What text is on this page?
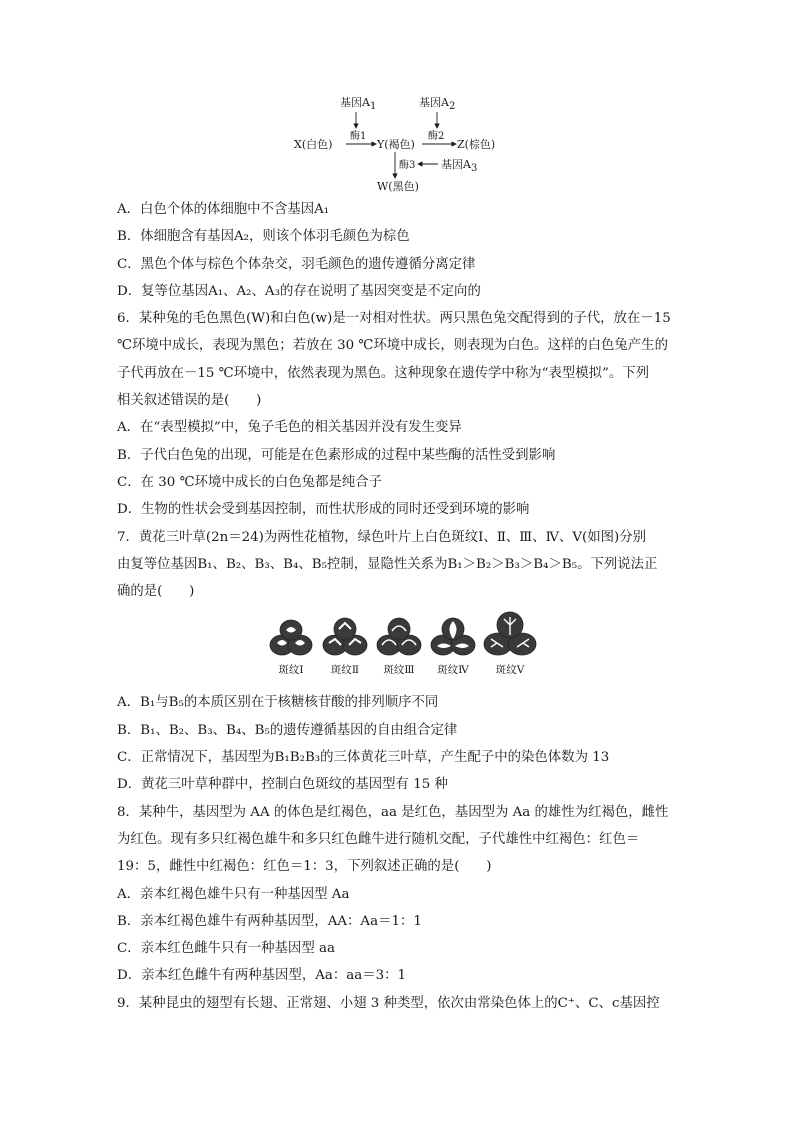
基因A1	基因A2
X(白色)
酶1
Y(褐色)
酶2
Z(棕色)
酶3 基因A3
W(黑色)
A．白色个体的体细胞中不含基因A₁
B．体细胞含有基因A₂，则该个体羽毛颜色为棕色
C．黑色个体与棕色个体杂交，羽毛颜色的遗传遵循分离定律
D．复等位基因A₁、A₂、A₃的存在说明了基因突变是不定向的
6．某种兔的毛色黑色(W)和白色(w)是一对相对性状。两只黑色兔交配得到的子代，放在－15
℃环境中成长，表现为黑色；若放在 30 ℃环境中成长，则表现为白色。这样的白色兔产生的
子代再放在－15 ℃环境中，依然表现为黑色。这种现象在遗传学中称为“表型模拟”。下列
相关叙述错误的是(　　)
A．在“表型模拟”中，兔子毛色的相关基因并没有发生变异
B．子代白色兔的出现，可能是在色素形成的过程中某些酶的活性受到影响
C．在 30 ℃环境中成长的白色兔都是纯合子
D．生物的性状会受到基因控制，而性状形成的同时还受到环境的影响
7．黄花三叶草(2n＝24)为两性花植物，绿色叶片上白色斑纹Ⅰ、Ⅱ、Ⅲ、Ⅳ、Ⅴ(如图)分别
由复等位基因B₁、B₂、B₃、B₄、B₅控制，显隐性关系为B₁＞B₂＞B₃＞B₄＞B₅。下列说法正
确的是(　　)
斑纹Ⅰ	斑纹Ⅱ	斑纹Ⅲ	斑纹Ⅳ	斑纹Ⅴ
A．B₁与B₅的本质区别在于核糖核苷酸的排列顺序不同
B．B₁、B₂、B₃、B₄、B₅的遗传遵循基因的自由组合定律
C．正常情况下，基因型为B₁B₂B₃的三体黄花三叶草，产生配子中的染色体数为 13
D．黄花三叶草种群中，控制白色斑纹的基因型有 15 种
8．某种牛，基因型为 AA 的体色是红褐色，aa 是红色，基因型为 Aa 的雄性为红褐色，雌性
为红色。现有多只红褐色雄牛和多只红色雌牛进行随机交配，子代雄性中红褐色：红色＝
19：5，雌性中红褐色：红色＝1：3，下列叙述正确的是(　　)
A．亲本红褐色雄牛只有一种基因型 Aa
B．亲本红褐色雄牛有两种基因型，AA：Aa＝1：1
C．亲本红色雌牛只有一种基因型 aa
D．亲本红色雌牛有两种基因型，Aa：aa＝3：1
9．某种昆虫的翅型有长翅、正常翅、小翅 3 种类型，依次由常染色体上的C⁺、C、c基因控
